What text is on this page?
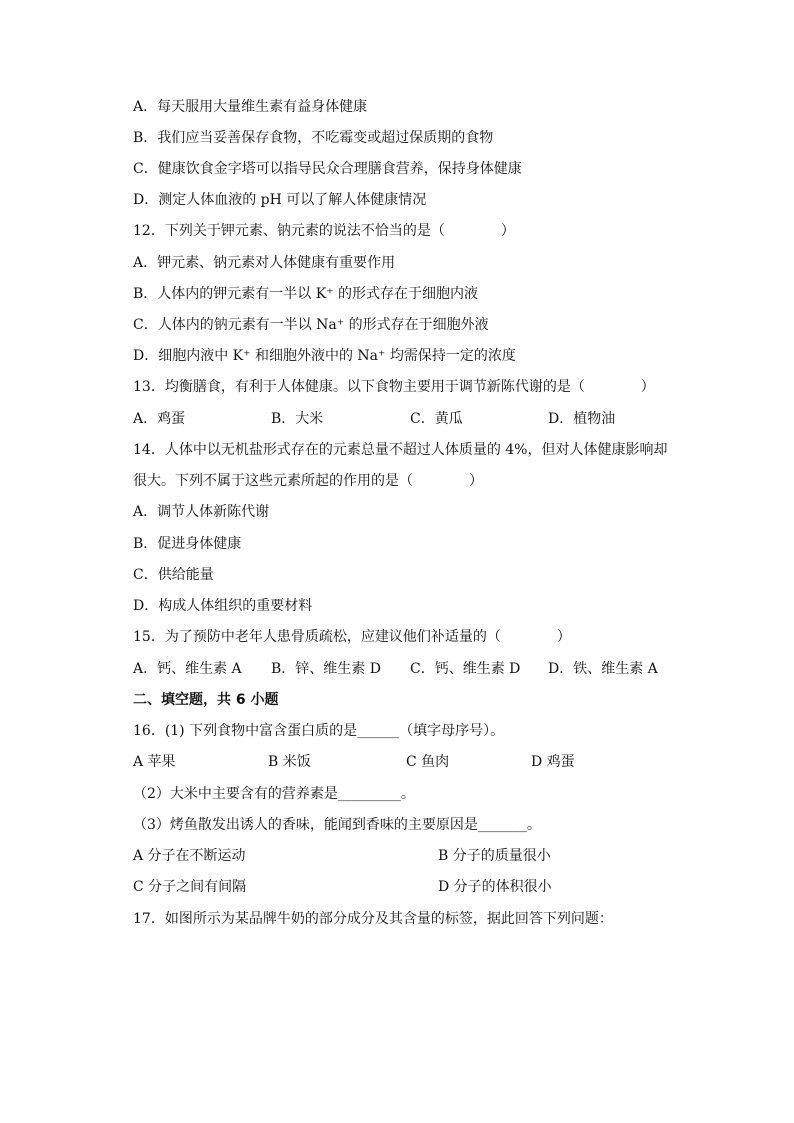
A．每天服用大量维生素有益身体健康
B．我们应当妥善保存食物，不吃霉变或超过保质期的食物
C．健康饮食金字塔可以指导民众合理膳食营养，保持身体健康
D．测定人体血液的 pH 可以了解人体健康情况
12．下列关于钾元素、钠元素的说法不恰当的是（　　　　）
A．钾元素、钠元素对人体健康有重要作用
B．人体内的钾元素有一半以 K⁺ 的形式存在于细胞内液
C．人体内的钠元素有一半以 Na⁺ 的形式存在于细胞外液
D．细胞内液中 K⁺ 和细胞外液中的 Na⁺ 均需保持一定的浓度
13．均衡膳食，有利于人体健康。以下食物主要用于调节新陈代谢的是（　　　　）
A．鸡蛋	B．大米	C．黄瓜	D．植物油
14．人体中以无机盐形式存在的元素总量不超过人体质量的 4%，但对人体健康影响却
很大。下列不属于这些元素所起的作用的是（　　　　）
A．调节人体新陈代谢
B．促进身体健康
C．供给能量
D．构成人体组织的重要材料
15．为了预防中老年人患骨质疏松，应建议他们补适量的（　　　　）
A．钙、维生素 A B．锌、维生素 D C．钙、维生素 D D．铁、维生素 A
二、填空题，共 6 小题
16．(1) 下列食物中富含蛋白质的是______（填字母序号）。
A 苹果	B 米饭	C 鱼肉	D 鸡蛋
（2）大米中主要含有的营养素是_________。
（3）烤鱼散发出诱人的香味，能闻到香味的主要原因是_______。
A 分子在不断运动	B 分子的质量很小
C 分子之间有间隔	D 分子的体积很小
17．如图所示为某品牌牛奶的部分成分及其含量的标签，据此回答下列问题：
